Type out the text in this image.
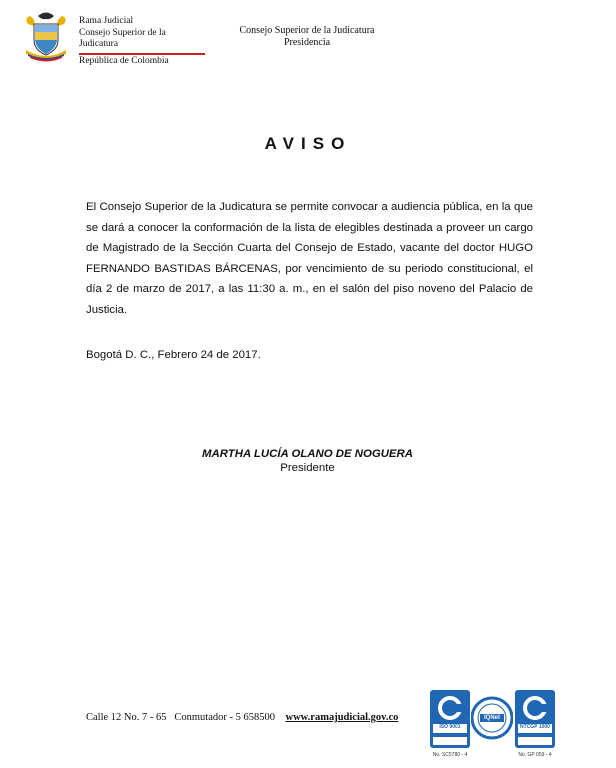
Rama Judicial
Consejo Superior de la Judicatura
República de Colombia
Consejo Superior de la Judicatura
Presidencia
AVISO
El Consejo Superior de la Judicatura se permite convocar a audiencia pública, en la que se dará a conocer la conformación de la lista de elegibles destinada a proveer un cargo de Magistrado de la Sección Cuarta del Consejo de Estado, vacante del doctor HUGO FERNANDO BASTIDAS BÁRCENAS, por vencimiento de su periodo constitucional, el día 2 de marzo de 2017, a las 11:30 a. m., en el salón del piso noveno del Palacio de Justicia.
Bogotá D. C., Febrero 24 de 2017.
MARTHA LUCÍA OLANO DE NOGUERA
Presidente
Calle 12 No. 7 - 65 Conmutador - 5 658500 www.ramajudicial.gov.co
ISO 9001
No. SC5780 - 4
IQNet
NTCGP 1000
No. GP 059 - 4
